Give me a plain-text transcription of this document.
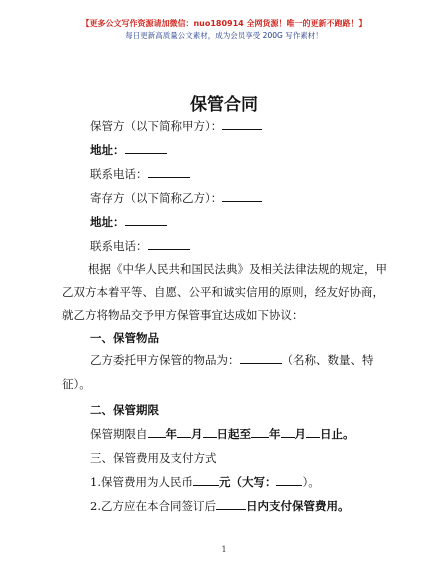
【更多公文写作资源请加微信：nuo180914 全网货源！唯一的更新不跑路！】
每日更新高质量公文素材，成为会员享受 200G 写作素材！
保管合同
保管方（以下简称甲方）：
地址：
联系电话：
寄存方（以下简称乙方）：
地址：
联系电话：
根据《中华人民共和国民法典》及相关法律法规的规定，甲乙双方本着平等、自愿、公平和诚实信用的原则，经友好协商，就乙方将物品交予甲方保管事宜达成如下协议：
一、保管物品
乙方委托甲方保管的物品为：	（名称、数量、特征）。
二、保管期限
保管期限自 年 月 日起至 年 月 日止。
三、保管费用及支付方式
1.保管费用为人民币 元（大写： ）。
2.乙方应在本合同签订后	日内支付保管费用。
1
